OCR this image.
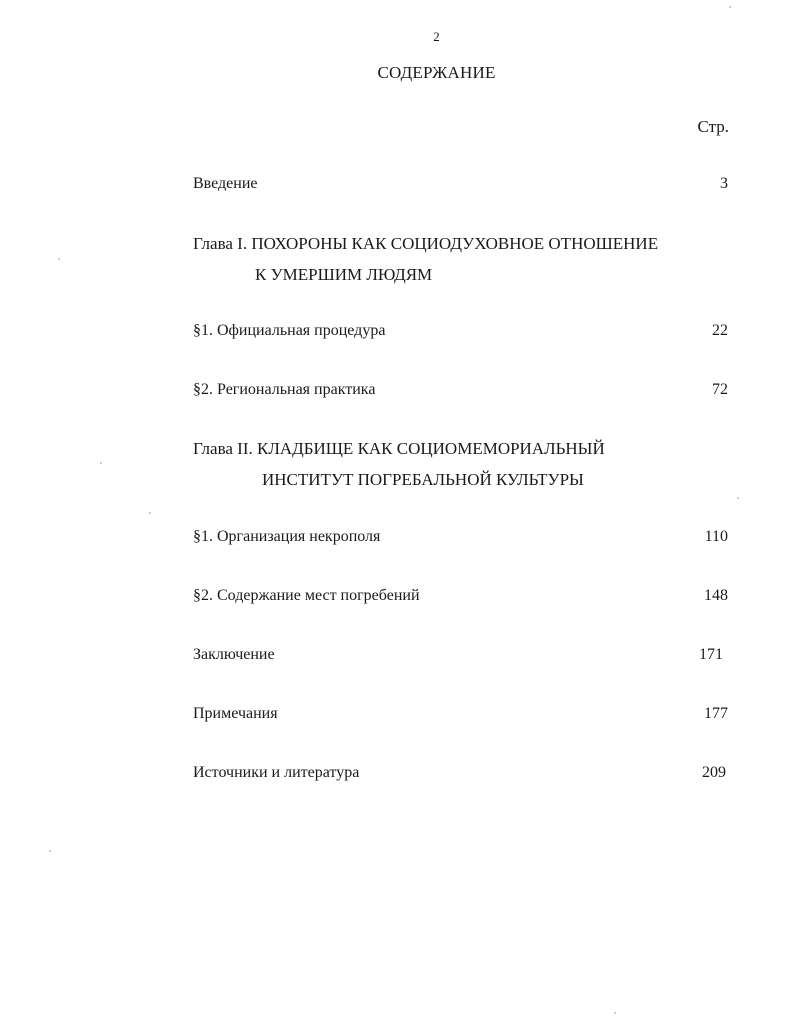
2
СОДЕРЖАНИЕ
Стр.
Введение	3
Глава I. ПОХОРОНЫ КАК СОЦИОДУХОВНОЕ ОТНОШЕНИЕ
К УМЕРШИМ ЛЮДЯМ
§1. Официальная процедура	22
§2. Региональная практика	72
Глава II. КЛАДБИЩЕ КАК СОЦИОМЕМОРИАЛЬНЫЙ
ИНСТИТУТ ПОГРЕБАЛЬНОЙ КУЛЬТУРЫ
§1. Организация некрополя	110
§2. Содержание мест погребений	148
Заключение	171
Примечания	177
Источники и литература	209
